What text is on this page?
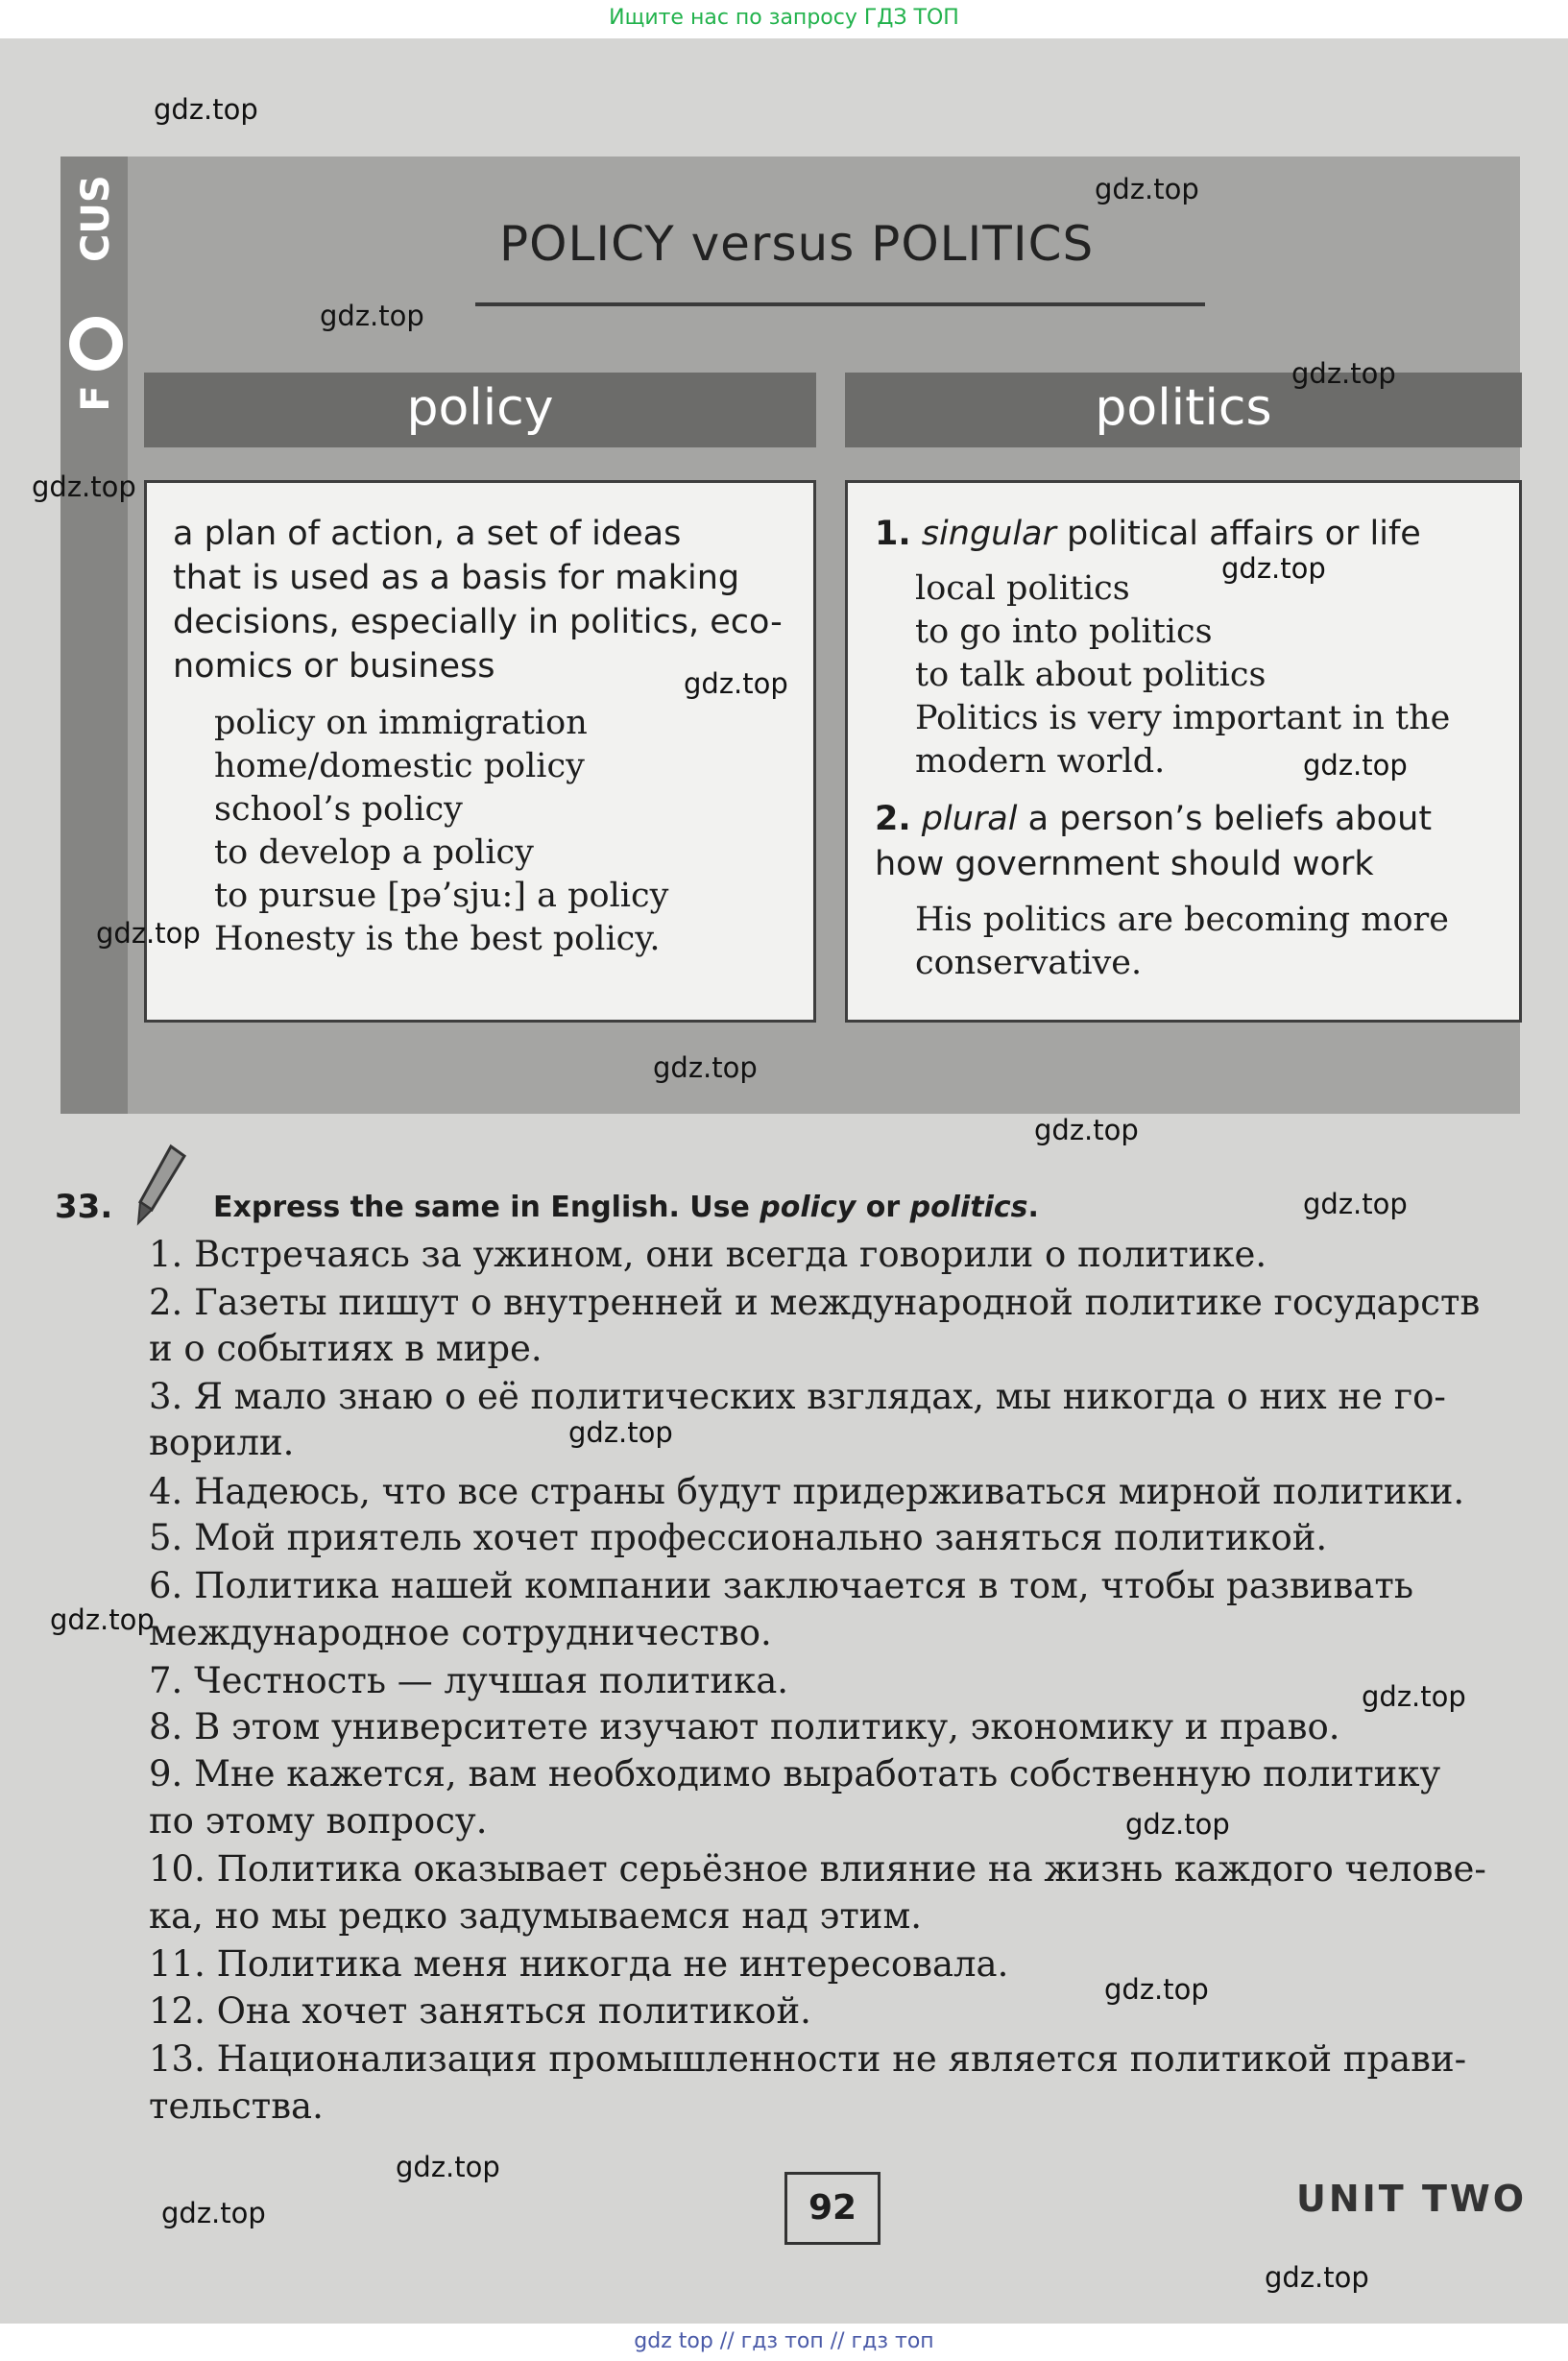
Ищите нас по запросу ГДЗ ТОП
gdz top // гдз топ // гдз топ
CUS
F
POLICY versus POLITICS
policy
a plan of action, a set of ideas
that is used as a basis for making
decisions, especially in politics, eco-
nomics or business
policy on immigration
home/domestic policy
school’s policy
to develop a policy
to pursue [pə’sju:] a policy
Honesty is the best policy.
politics
1. singular political affairs or life
local politics
to go into politics
to talk about politics
Politics is very important in the
modern world.
2. plural a person’s beliefs about
how government should work
His politics are becoming more
conservative.
33.	Express the same in English. Use policy or politics.
1. Встречаясь за ужином, они всегда говорили о политике.
2. Газеты пишут о внутренней и международной политике государств
и о событиях в мире.
3. Я мало знаю о её политических взглядах, мы никогда о них не го-
ворили.
4. Надеюсь, что все страны будут придерживаться мирной политики.
5. Мой приятель хочет профессионально заняться политикой.
6. Политика нашей компании заключается в том, чтобы развивать
международное сотрудничество.
7. Честность — лучшая политика.
8. В этом университете изучают политику, экономику и право.
9. Мне кажется, вам необходимо выработать собственную политику
по этому вопросу.
10. Политика оказывает серьёзное влияние на жизнь каждого челове-
ка, но мы редко задумываемся над этим.
11. Политика меня никогда не интересовала.
12. Она хочет заняться политикой.
13. Национализация промышленности не является политикой прави-
тельства.
92	UNIT TWO
gdz.top
gdz.top
gdz.top
gdz.top
gdz.top
gdz.top
gdz.top
gdz.top
gdz.top
gdz.top
gdz.top
gdz.top
gdz.top
gdz.top
gdz.top
gdz.top
gdz.top
gdz.top
gdz.top
gdz.top
